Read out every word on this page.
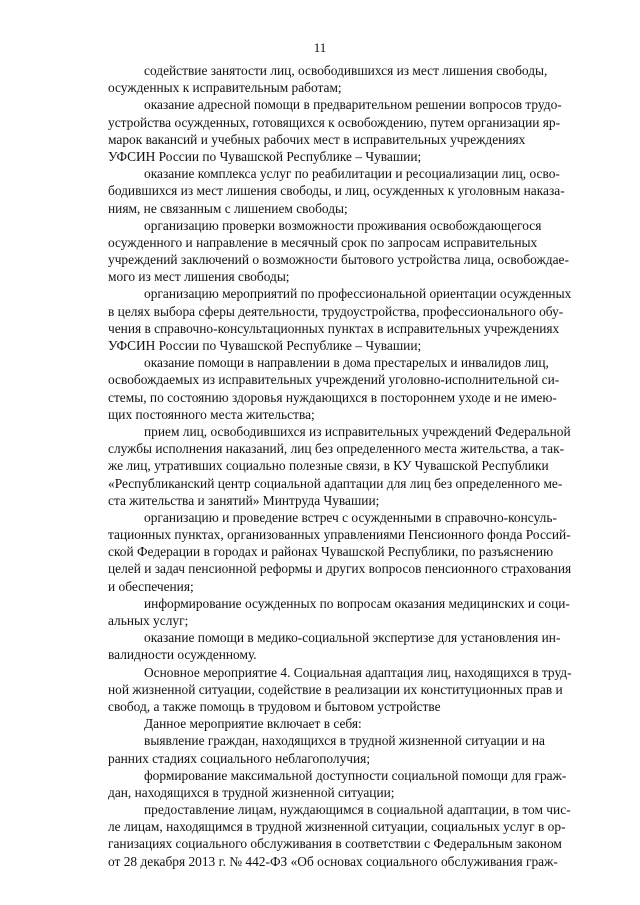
11
содействие занятости лиц, освободившихся из мест лишения свободы,
осужденных к исправительным работам;
оказание адресной помощи в предварительном решении вопросов трудо-
устройства осужденных, готовящихся к освобождению, путем организации яр-
марок вакансий и учебных рабочих мест в исправительных учреждениях
УФСИН России по Чувашской Республике – Чувашии;
оказание комплекса услуг по реабилитации и ресоциализации лиц, осво-
бодившихся из мест лишения свободы, и лиц, осужденных к уголовным наказа-
ниям, не связанным с лишением свободы;
организацию проверки возможности проживания освобождающегося
осужденного и направление в месячный срок по запросам исправительных
учреждений заключений о возможности бытового устройства лица, освобождае-
мого из мест лишения свободы;
организацию мероприятий по профессиональной ориентации осужденных
в целях выбора сферы деятельности, трудоустройства, профессионального обу-
чения в справочно-консультационных пунктах в исправительных учреждениях
УФСИН России по Чувашской Республике – Чувашии;
оказание помощи в направлении в дома престарелых и инвалидов лиц,
освобождаемых из исправительных учреждений уголовно-исполнительной си-
стемы, по состоянию здоровья нуждающихся в постороннем уходе и не имею-
щих постоянного места жительства;
прием лиц, освободившихся из исправительных учреждений Федеральной
службы исполнения наказаний, лиц без определенного места жительства, а так-
же лиц, утративших социально полезные связи, в КУ Чувашской Республики
«Республиканский центр социальной адаптации для лиц без определенного ме-
ста жительства и занятий» Минтруда Чувашии;
организацию и проведение встреч с осужденными в справочно-консуль-
тационных пунктах, организованных управлениями Пенсионного фонда Россий-
ской Федерации в городах и районах Чувашской Республики, по разъяснению
целей и задач пенсионной реформы и других вопросов пенсионного страхования
и обеспечения;
информирование осужденных по вопросам оказания медицинских и соци-
альных услуг;
оказание помощи в медико-социальной экспертизе для установления ин-
валидности осужденному.
Основное мероприятие 4. Социальная адаптация лиц, находящихся в труд-
ной жизненной ситуации, содействие в реализации их конституционных прав и
свобод, а также помощь в трудовом и бытовом устройстве
Данное мероприятие включает в себя:
выявление граждан, находящихся в трудной жизненной ситуации и на
ранних стадиях социального неблагополучия;
формирование максимальной доступности социальной помощи для граж-
дан, находящихся в трудной жизненной ситуации;
предоставление лицам, нуждающимся в социальной адаптации, в том чис-
ле лицам, находящимся в трудной жизненной ситуации, социальных услуг в ор-
ганизациях социального обслуживания в соответствии с Федеральным законом
от 28 декабря 2013 г. № 442-ФЗ «Об основах социального обслуживания граж-
